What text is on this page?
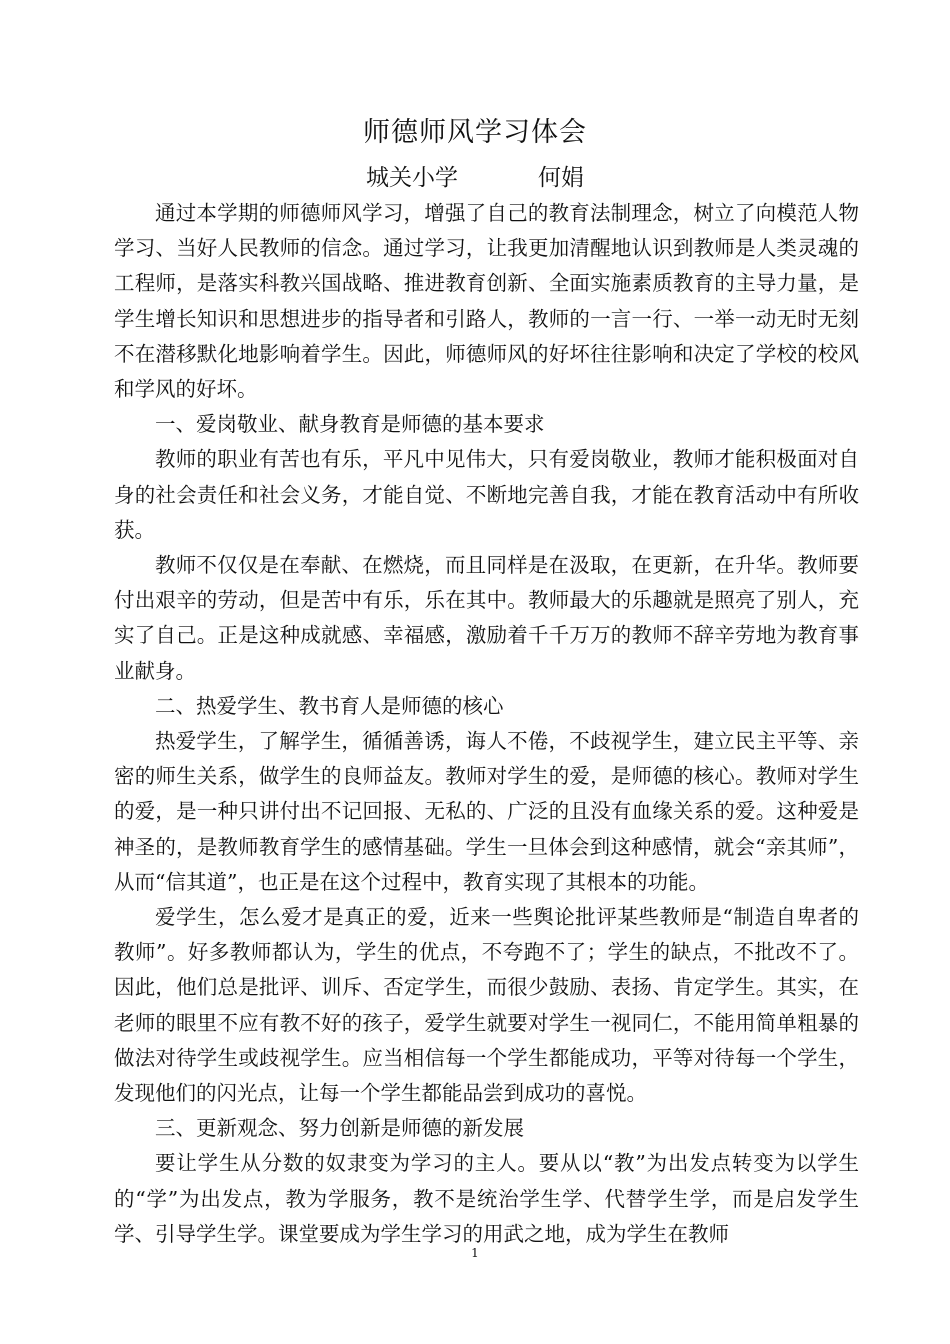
师德师风学习体会
城关小学	何娟

通过本学期的师德师风学习，增强了自己的教育法制理念，树立了向模范人物学习、当好人民教师的信念。通过学习，让我更加清醒地认识到教师是人类灵魂的工程师，是落实科教兴国战略、推进教育创新、全面实施素质教育的主导力量，是学生增长知识和思想进步的指导者和引路人，教师的一言一行、一举一动无时无刻不在潜移默化地影响着学生。因此，师德师风的好坏往往影响和决定了学校的校风和学风的好坏。

一、爱岗敬业、献身教育是师德的基本要求

教师的职业有苦也有乐，平凡中见伟大，只有爱岗敬业，教师才能积极面对自身的社会责任和社会义务，才能自觉、不断地完善自我，才能在教育活动中有所收获。

教师不仅仅是在奉献、在燃烧，而且同样是在汲取，在更新，在升华。教师要付出艰辛的劳动，但是苦中有乐，乐在其中。教师最大的乐趣就是照亮了别人，充实了自己。正是这种成就感、幸福感，激励着千千万万的教师不辞辛劳地为教育事业献身。

二、热爱学生、教书育人是师德的核心

热爱学生，了解学生，循循善诱，诲人不倦，不歧视学生，建立民主平等、亲密的师生关系，做学生的良师益友。教师对学生的爱，是师德的核心。教师对学生的爱，是一种只讲付出不记回报、无私的、广泛的且没有血缘关系的爱。这种爱是神圣的，是教师教育学生的感情基础。学生一旦体会到这种感情，就会“亲其师”，从而“信其道”，也正是在这个过程中，教育实现了其根本的功能。

爱学生，怎么爱才是真正的爱，近来一些舆论批评某些教师是“制造自卑者的教师”。好多教师都认为，学生的优点，不夸跑不了；学生的缺点，不批改不了。因此，他们总是批评、训斥、否定学生，而很少鼓励、表扬、肯定学生。其实，在老师的眼里不应有教不好的孩子，爱学生就要对学生一视同仁，不能用简单粗暴的做法对待学生或歧视学生。应当相信每一个学生都能成功，平等对待每一个学生，发现他们的闪光点，让每一个学生都能品尝到成功的喜悦。

三、更新观念、努力创新是师德的新发展

要让学生从分数的奴隶变为学习的主人。要从以“教”为出发点转变为以学生的“学”为出发点，教为学服务，教不是统治学生学、代替学生学，而是启发学生学、引导学生学。课堂要成为学生学习的用武之地，成为学生在教师

1
